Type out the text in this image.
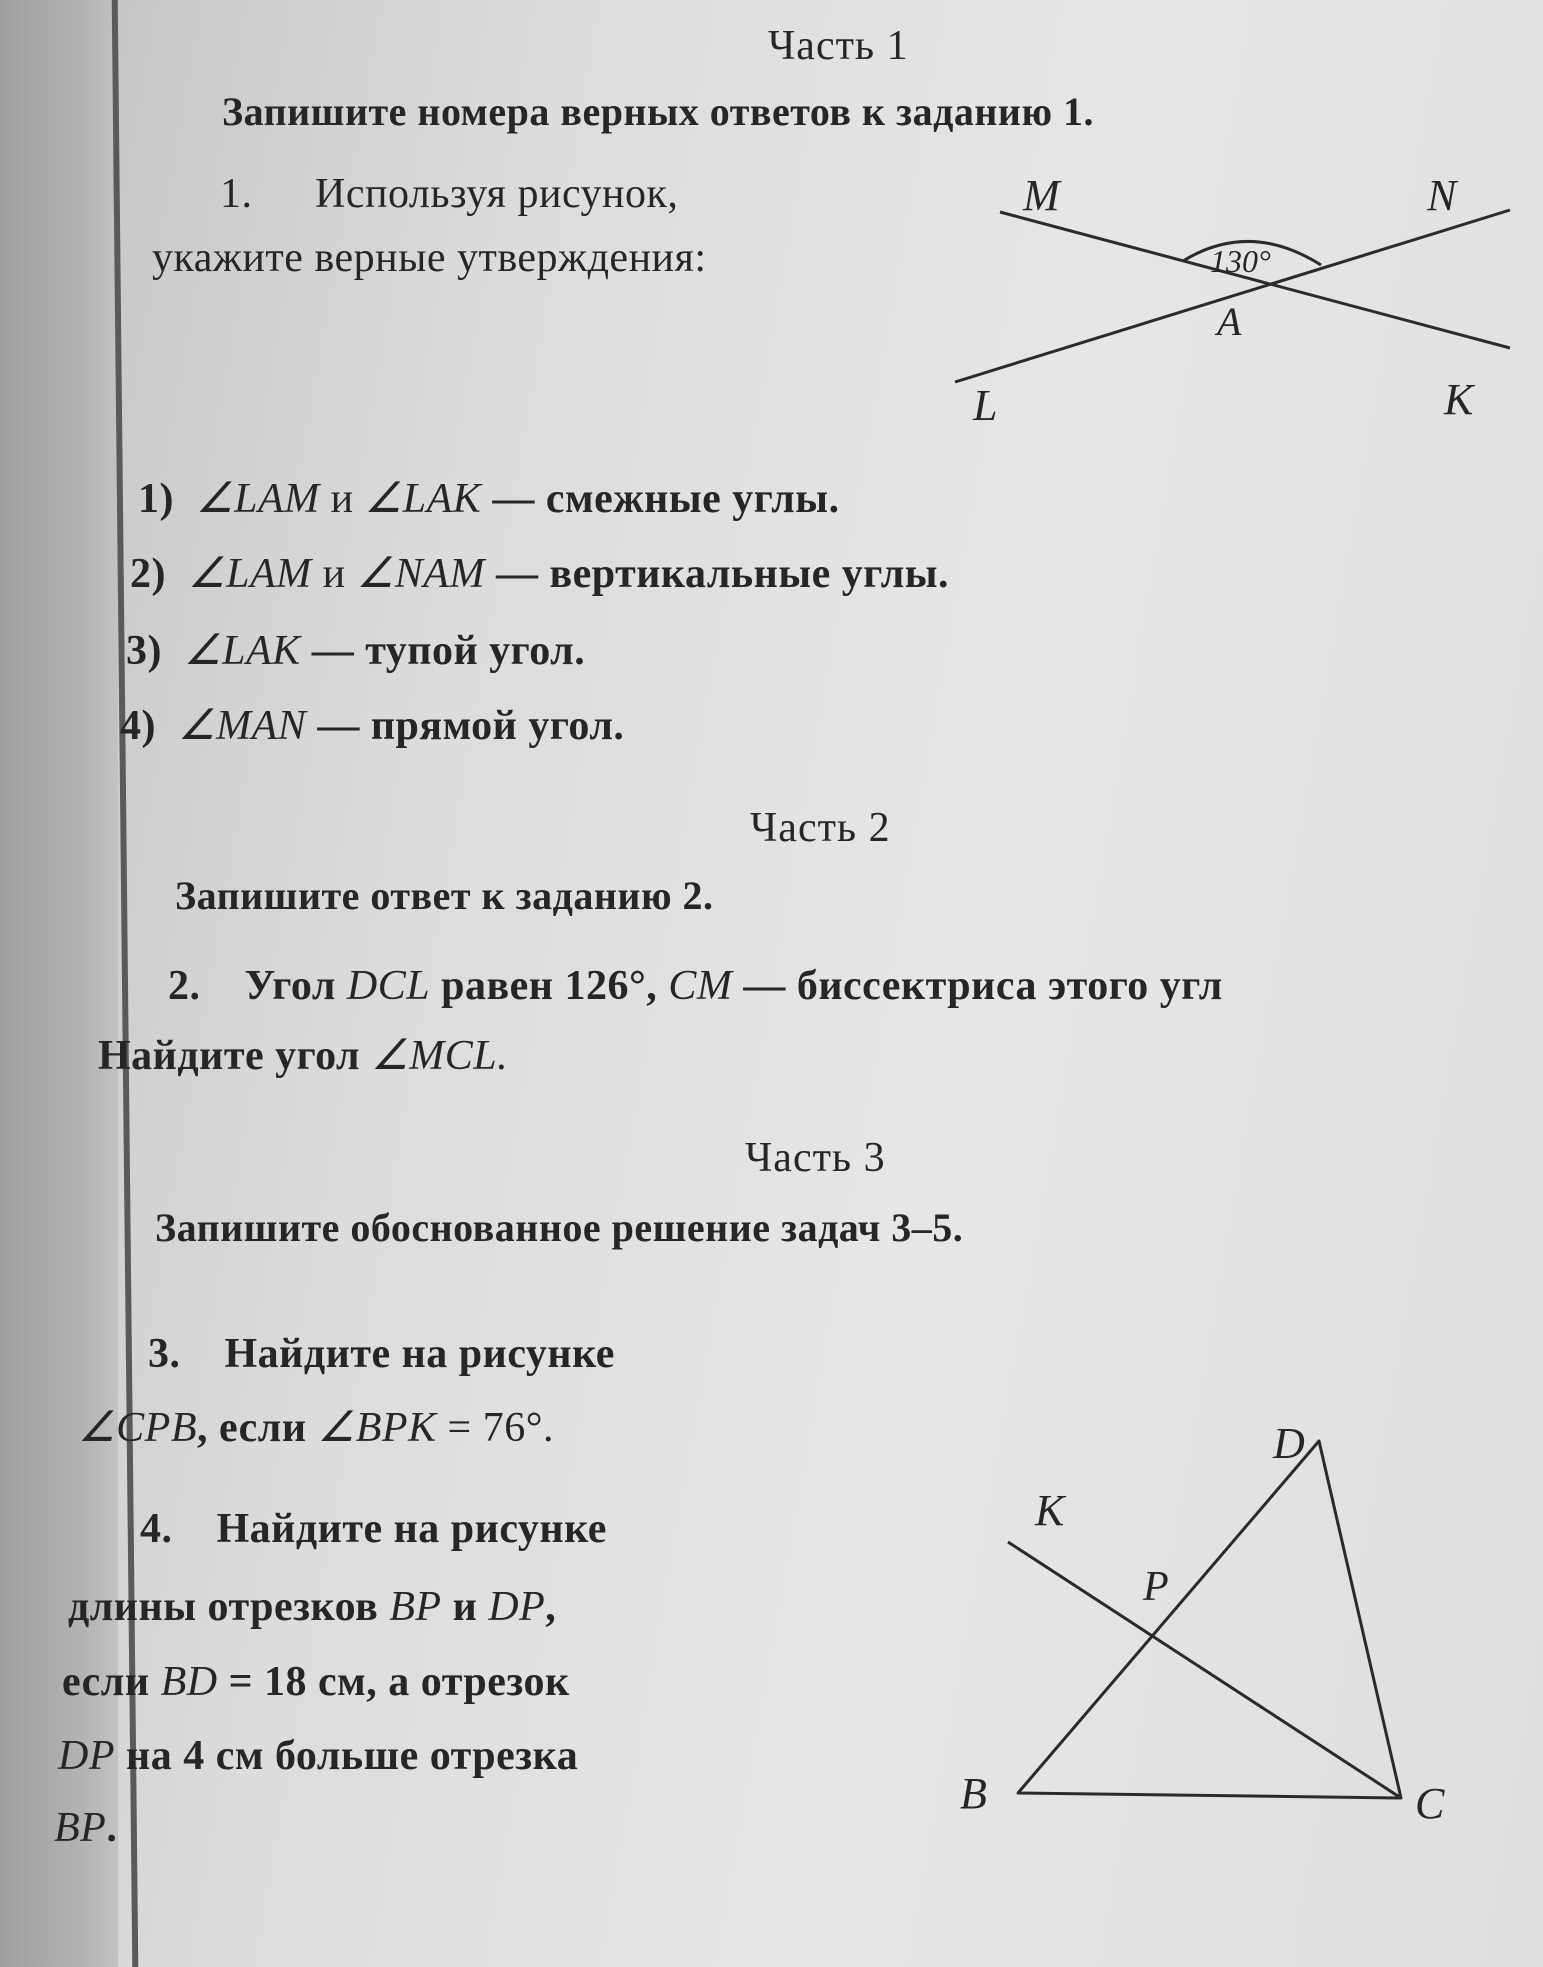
Часть 1
Запишите номера верных ответов к заданию 1.
1. Используя рисунок,
укажите верные утверждения:
M	N
130°
A
L	K
1) ∠LAM и ∠LAK — смежные углы.
2) ∠LAM и ∠NAM — вертикальные углы.
3) ∠LAK — тупой угол.
4) ∠MAN — прямой угол.
Часть 2
Запишите ответ к заданию 2.
2. Угол DCL равен 126°, CM — биссектриса этого угл
Найдите угол ∠MCL.
Часть 3
Запишите обоснованное решение задач 3–5.
3. Найдите на рисунке
∠CPB, если ∠BPK = 76°.
4. Найдите на рисунке
длины отрезков BP и DP,
если BD = 18 см, а отрезок
DP на 4 см больше отрезка
BP.
D
K
P
B	C
